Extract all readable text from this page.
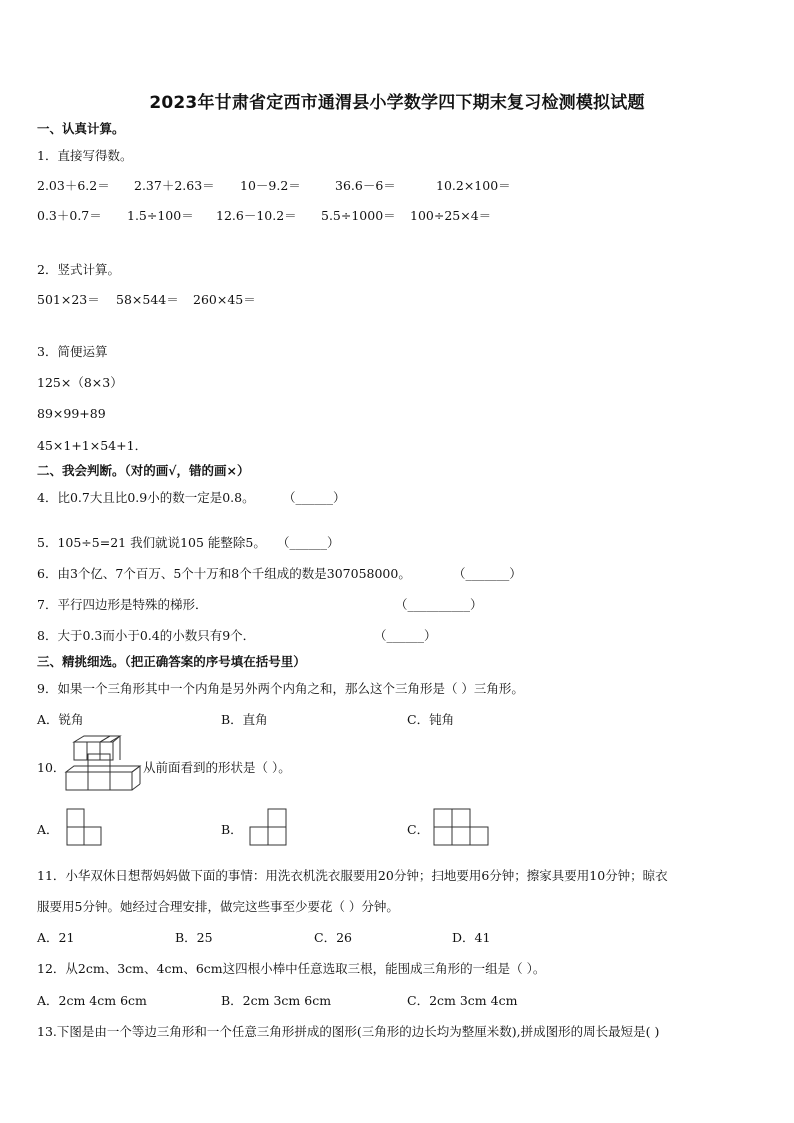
2023年甘肃省定西市通渭县小学数学四下期末复习检测模拟试题
一、认真计算。
1．直接写得数。
2.03＋6.2＝ 2.37＋2.63＝ 10－9.2＝	36.6－6＝	10.2×100＝
0.3＋0.7＝ 1.5÷100＝ 12.6－10.2＝ 5.5÷1000＝ 100÷25×4＝
2．竖式计算。
501×23＝ 58×544＝ 260×45＝
3．简便运算
125×（8×3）
89×99+89
45×1+1×54+1．
二、我会判断。（对的画√，错的画×）
4．比0.7大且比0.9小的数一定是0.8。 （______）
5．105÷5=21 我们就说105 能整除5。 （______）
6．由3个亿、7个百万、5个十万和8个千组成的数是307058000。	（_______）
7．平行四边形是特殊的梯形．	（__________）
8．大于0.3而小于0.4的小数只有9个．	（______）
三、精挑细选。（把正确答案的序号填在括号里）
9．如果一个三角形其中一个内角是另外两个内角之和，那么这个三角形是（ ）三角形。
A．锐角	B．直角	C．钝角
10．	从前面看到的形状是（ ）。
A．	B．	C．
11．小华双休日想帮妈妈做下面的事情：用洗衣机洗衣服要用20分钟；扫地要用6分钟；擦家具要用10分钟；晾衣
服要用5分钟。她经过合理安排，做完这些事至少要花（ ）分钟。
A．21	B．25	C．26	D．41
12．从2cm、3cm、4cm、6cm这四根小棒中任意选取三根，能围成三角形的一组是（ ）。
A．2cm 4cm 6cm	B．2cm 3cm 6cm	C．2cm 3cm 4cm
13.下图是由一个等边三角形和一个任意三角形拼成的图形(三角形的边长均为整厘米数),拼成图形的周长最短是( )
